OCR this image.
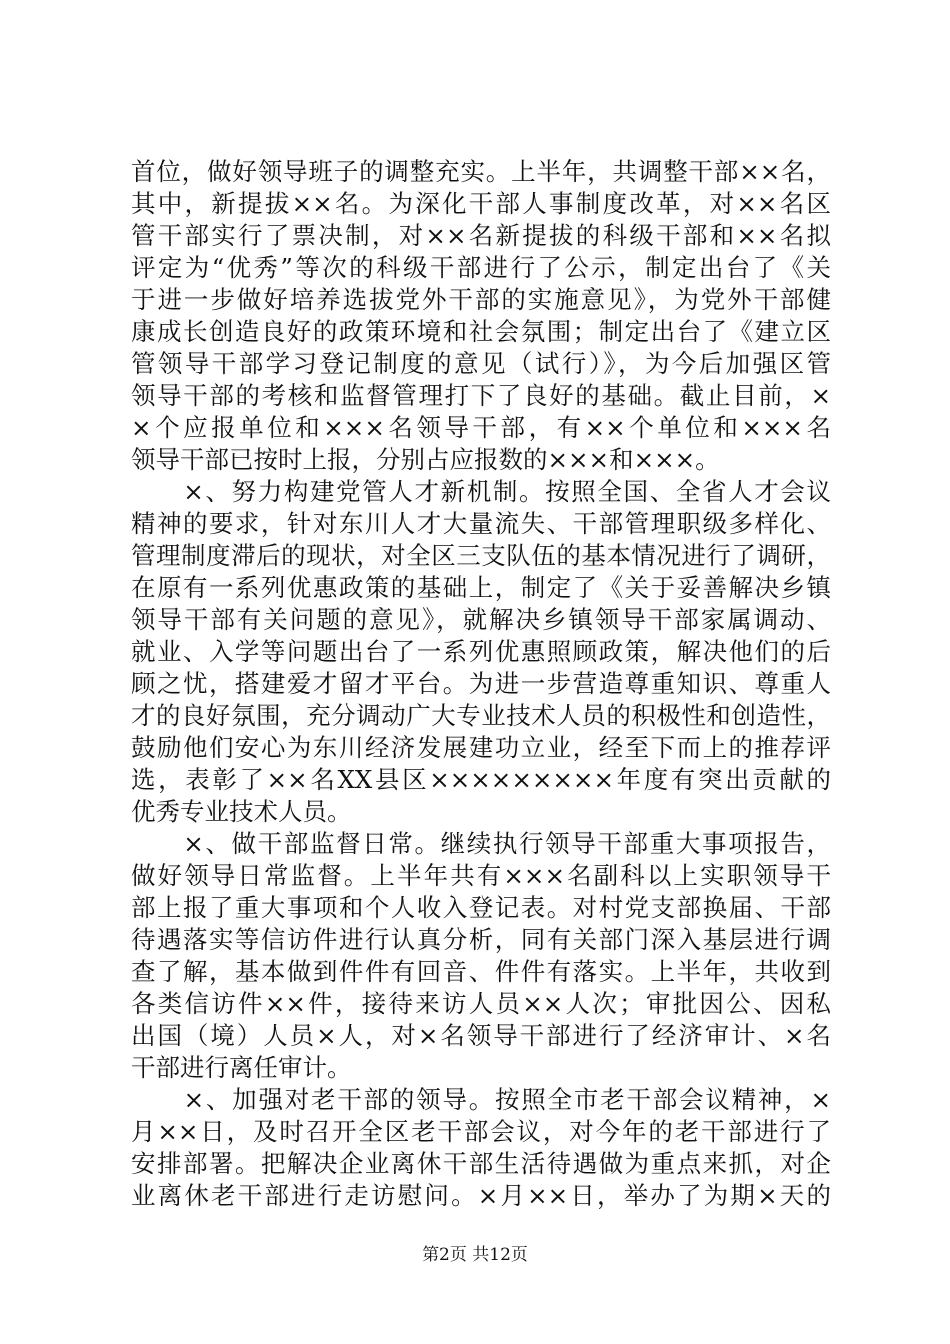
首位，做好领导班子的调整充实。上半年，共调整干部××名，
其中，新提拔××名。为深化干部人事制度改革，对××名区
管干部实行了票决制，对××名新提拔的科级干部和××名拟
评定为“优秀”等次的科级干部进行了公示，制定出台了《关
于进一步做好培养选拔党外干部的实施意见》，为党外干部健
康成长创造良好的政策环境和社会氛围；制定出台了《建立区
管领导干部学习登记制度的意见（试行）》，为今后加强区管
领导干部的考核和监督管理打下了良好的基础。截止目前，×
×个应报单位和×××名领导干部，有××个单位和×××名
领导干部已按时上报，分别占应报数的×××和×××。
　　×、努力构建党管人才新机制。按照全国、全省人才会议
精神的要求，针对东川人才大量流失、干部管理职级多样化、
管理制度滞后的现状，对全区三支队伍的基本情况进行了调研，
在原有一系列优惠政策的基础上，制定了《关于妥善解决乡镇
领导干部有关问题的意见》，就解决乡镇领导干部家属调动、
就业、入学等问题出台了一系列优惠照顾政策，解决他们的后
顾之忧，搭建爱才留才平台。为进一步营造尊重知识、尊重人
才的良好氛围，充分调动广大专业技术人员的积极性和创造性，
鼓励他们安心为东川经济发展建功立业，经至下而上的推荐评
选，表彰了××名XX县区×××××××××年度有突出贡献的
优秀专业技术人员。
　　×、做干部监督日常。继续执行领导干部重大事项报告，
做好领导日常监督。上半年共有×××名副科以上实职领导干
部上报了重大事项和个人收入登记表。对村党支部换届、干部
待遇落实等信访件进行认真分析，同有关部门深入基层进行调
查了解，基本做到件件有回音、件件有落实。上半年，共收到
各类信访件××件，接待来访人员××人次；审批因公、因私
出国（境）人员×人，对×名领导干部进行了经济审计、×名
干部进行离任审计。
　　×、加强对老干部的领导。按照全市老干部会议精神，×
月××日，及时召开全区老干部会议，对今年的老干部进行了
安排部署。把解决企业离休干部生活待遇做为重点来抓，对企
业离休老干部进行走访慰问。×月××日，举办了为期×天的
第2页 共12页
